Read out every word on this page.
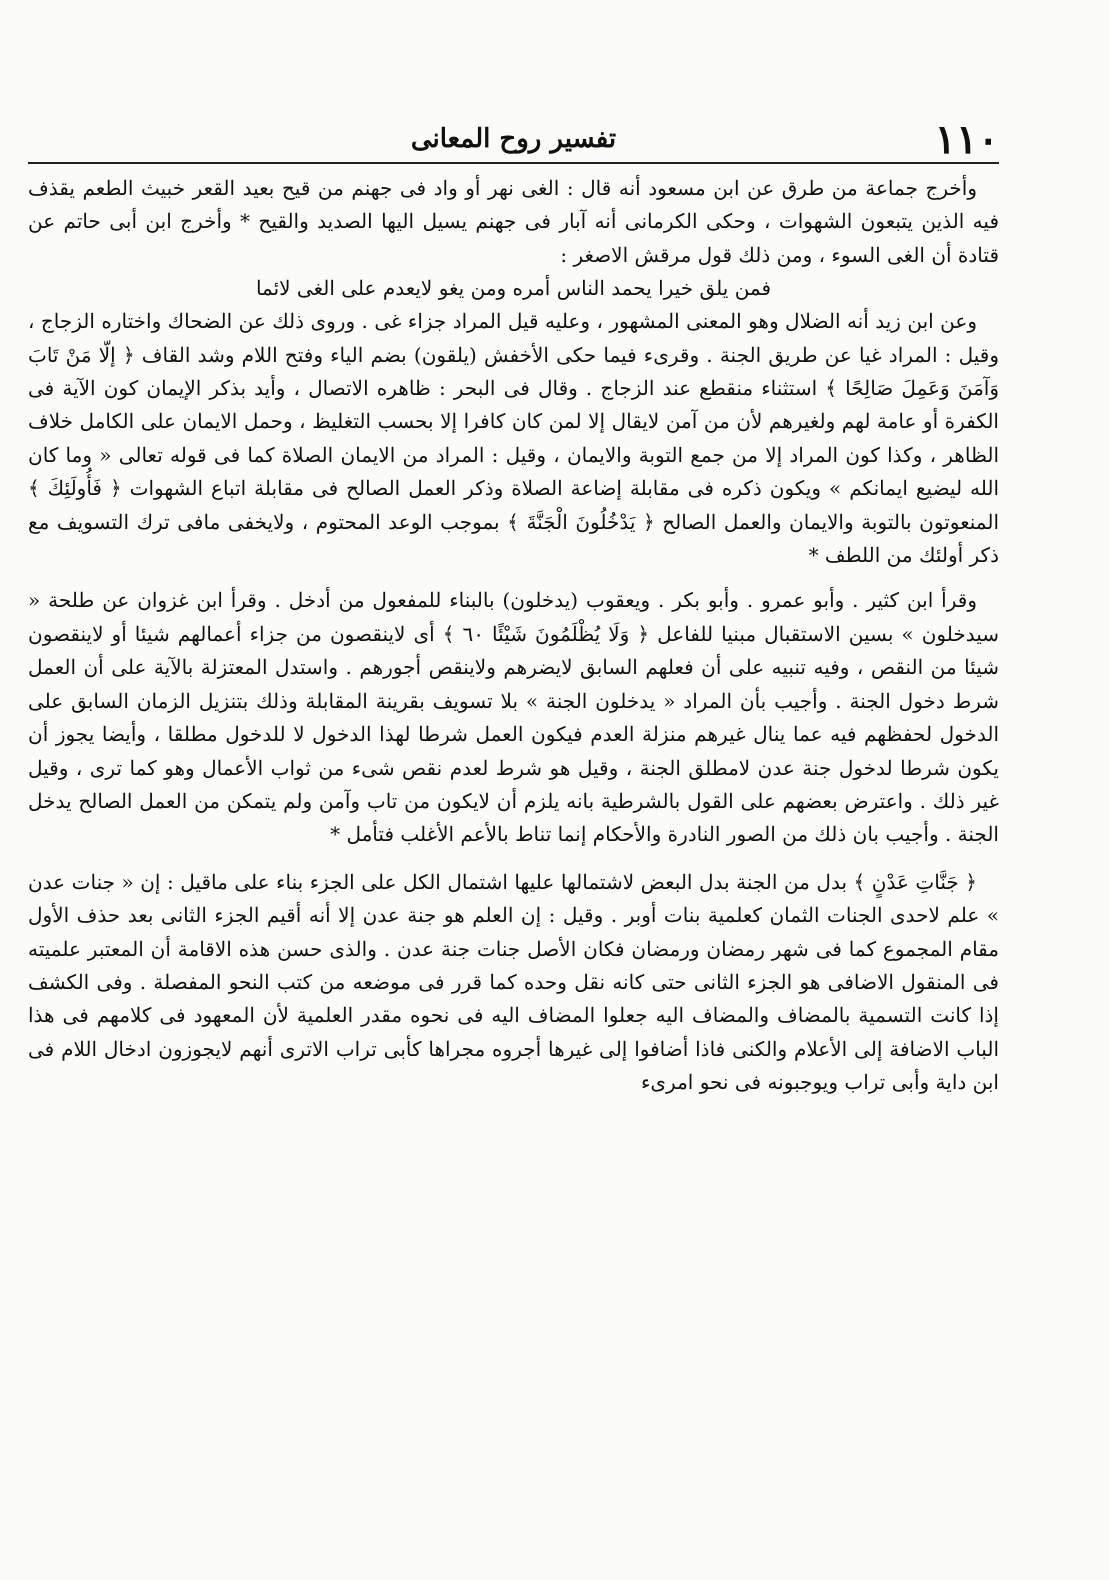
١١٠
تفسير روح المعانى

وأخرج جماعة من طرق عن ابن مسعود أنه قال : الغى نهر أو واد فى جهنم من قيح بعيد القعر خبيث الطعم يقذف فيه الذين يتبعون الشهوات ، وحكى الكرمانى أنه آبار فى جهنم يسيل اليها الصديد والقيح * وأخرج ابن أبى حاتم عن قتادة أن الغى السوء ، ومن ذلك قول مرقش الاصغر :

فمن يلق خيرا يحمد الناس أمره ومن يغو لايعدم على الغى لائما

وعن ابن زيد أنه الضلال وهو المعنى المشهور ، وعليه قيل المراد جزاء غى . وروى ذلك عن الضحاك واختاره الزجاج ، وقيل : المراد غيا عن طريق الجنة . وقرىء فيما حكى الأخفش (يلقون) بضم الياء وفتح اللام وشد القاف ﴿ إلّا مَنْ تَابَ وَآمَنَ وَعَمِلَ صَالِحًا ﴾ استثناء منقطع عند الزجاج . وقال فى البحر : ظاهره الاتصال ، وأيد بذكر الإيمان كون الآية فى الكفرة أو عامة لهم ولغيرهم لأن من آمن لايقال إلا لمن كان كافرا إلا بحسب التغليظ ، وحمل الايمان على الكامل خلاف الظاهر ، وكذا كون المراد إلا من جمع التوبة والايمان ، وقيل : المراد من الايمان الصلاة كما فى قوله تعالى « وما كان الله ليضيع ايمانكم » ويكون ذكره فى مقابلة إضاعة الصلاة وذكر العمل الصالح فى مقابلة اتباع الشهوات ﴿ فَأُولَئِكَ ﴾ المنعوتون بالتوبة والايمان والعمل الصالح ﴿ يَدْخُلُونَ الْجَنَّةَ ﴾ بموجب الوعد المحتوم ، ولايخفى مافى ترك التسويف مع ذكر أولئك من اللطف *

وقرأ ابن كثير . وأبو عمرو . وأبو بكر . ويعقوب (يدخلون) بالبناء للمفعول من أدخل . وقرأ ابن غزوان عن طلحة « سيدخلون » بسين الاستقبال مبنيا للفاعل ﴿ وَلَا يُظْلَمُونَ شَيْئًا ٦٠ ﴾ أى لاينقصون من جزاء أعمالهم شيئا أو لاينقصون شيئا من النقص ، وفيه تنبيه على أن فعلهم السابق لايضرهم ولاينقص أجورهم . واستدل المعتزلة بالآية على أن العمل شرط دخول الجنة . وأجيب بأن المراد « يدخلون الجنة » بلا تسويف بقرينة المقابلة وذلك بتنزيل الزمان السابق على الدخول لحفظهم فيه عما ينال غيرهم منزلة العدم فيكون العمل شرطا لهذا الدخول لا للدخول مطلقا ، وأيضا يجوز أن يكون شرطا لدخول جنة عدن لامطلق الجنة ، وقيل هو شرط لعدم نقص شىء من ثواب الأعمال وهو كما ترى ، وقيل غير ذلك . واعترض بعضهم على القول بالشرطية بانه يلزم أن لايكون من تاب وآمن ولم يتمكن من العمل الصالح يدخل الجنة . وأجيب بان ذلك من الصور النادرة والأحكام إنما تناط بالأعم الأغلب فتأمل *

﴿ جَنَّاتِ عَدْنٍ ﴾ بدل من الجنة بدل البعض لاشتمالها عليها اشتمال الكل على الجزء بناء على ماقيل : إن « جنات عدن » علم لاحدى الجنات الثمان كعلمية بنات أوبر . وقيل : إن العلم هو جنة عدن إلا أنه أقيم الجزء الثانى بعد حذف الأول مقام المجموع كما فى شهر رمضان ورمضان فكان الأصل جنات جنة عدن . والذى حسن هذه الاقامة أن المعتبر علميته فى المنقول الاضافى هو الجزء الثانى حتى كانه نقل وحده كما قرر فى موضعه من كتب النحو المفصلة . وفى الكشف إذا كانت التسمية بالمضاف والمضاف اليه جعلوا المضاف اليه فى نحوه مقدر العلمية لأن المعهود فى كلامهم فى هذا الباب الاضافة إلى الأعلام والكنى فاذا أضافوا إلى غيرها أجروه مجراها كأبى تراب الاترى أنهم لايجوزون ادخال اللام فى ابن داية وأبى تراب ويوجبونه فى نحو امرىء
